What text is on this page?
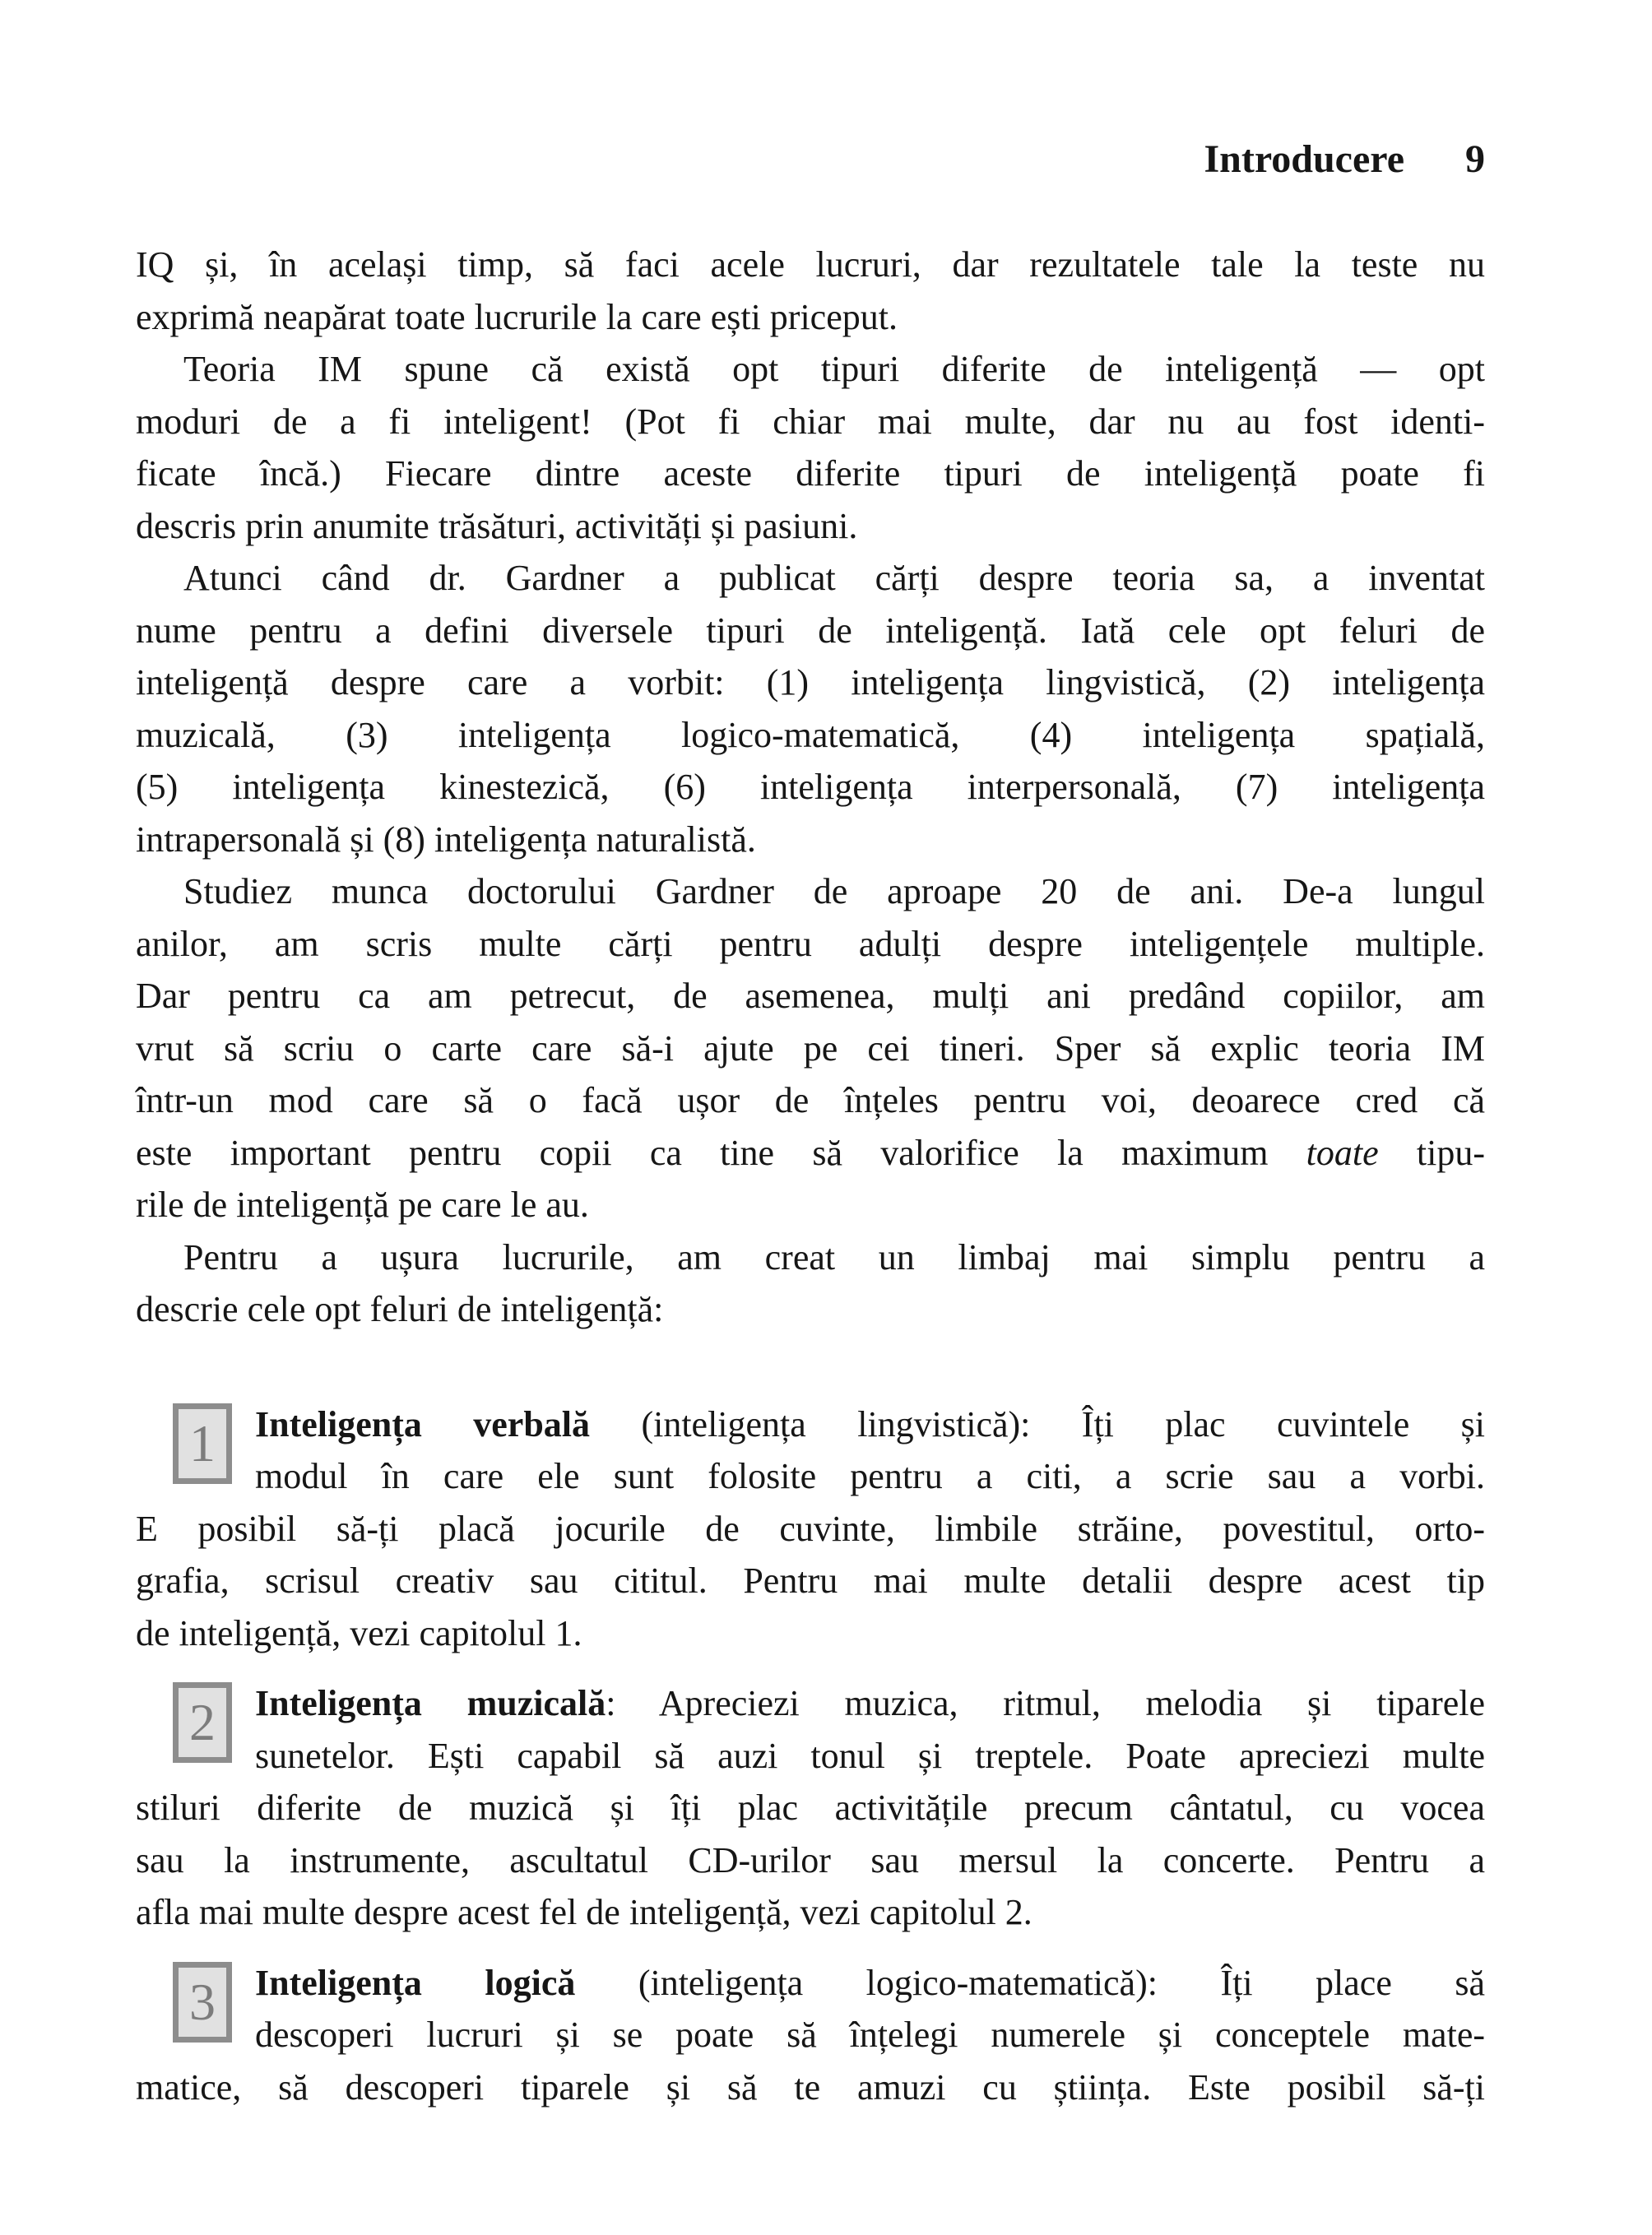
Introducere 9
IQ și, în același timp, să faci acele lucruri, dar rezultatele tale la teste nu
exprimă neapărat toate lucrurile la care ești priceput.
Teoria IM spune că există opt tipuri diferite de inteligență — opt
moduri de a fi inteligent! (Pot fi chiar mai multe, dar nu au fost identi-
ficate încă.) Fiecare dintre aceste diferite tipuri de inteligență poate fi
descris prin anumite trăsături, activități și pasiuni.
Atunci când dr. Gardner a publicat cărți despre teoria sa, a inventat
nume pentru a defini diversele tipuri de inteligență. Iată cele opt feluri de
inteligență despre care a vorbit: (1) inteligența lingvistică, (2) inteligența
muzicală, (3) inteligența logico-matematică, (4) inteligența spațială,
(5) inteligența kinestezică, (6) inteligența interpersonală, (7) inteligența
intrapersonală și (8) inteligența naturalistă.
Studiez munca doctorului Gardner de aproape 20 de ani. De-a lungul
anilor, am scris multe cărți pentru adulți despre inteligențele multiple.
Dar pentru ca am petrecut, de asemenea, mulți ani predând copiilor, am
vrut să scriu o carte care să-i ajute pe cei tineri. Sper să explic teoria IM
într-un mod care să o facă ușor de înțeles pentru voi, deoarece cred că
este important pentru copii ca tine să valorifice la maximum toate tipu-
rile de inteligență pe care le au.
Pentru a ușura lucrurile, am creat un limbaj mai simplu pentru a
descrie cele opt feluri de inteligență:
1	Inteligența verbală (inteligența lingvistică): Îți plac cuvintele și
modul în care ele sunt folosite pentru a citi, a scrie sau a vorbi.
E posibil să-ți placă jocurile de cuvinte, limbile străine, povestitul, orto-
grafia, scrisul creativ sau cititul. Pentru mai multe detalii despre acest tip
de inteligență, vezi capitolul 1.
2	Inteligența muzicală: Apreciezi muzica, ritmul, melodia și tiparele
sunetelor. Ești capabil să auzi tonul și treptele. Poate apreciezi multe
stiluri diferite de muzică și îți plac activitățile precum cântatul, cu vocea
sau la instrumente, ascultatul CD-urilor sau mersul la concerte. Pentru a
afla mai multe despre acest fel de inteligență, vezi capitolul 2.
3	Inteligența logică (inteligența logico-matematică): Îți place să
descoperi lucruri și se poate să înțelegi numerele și conceptele mate-
matice, să descoperi tiparele și să te amuzi cu știința. Este posibil să-ți
